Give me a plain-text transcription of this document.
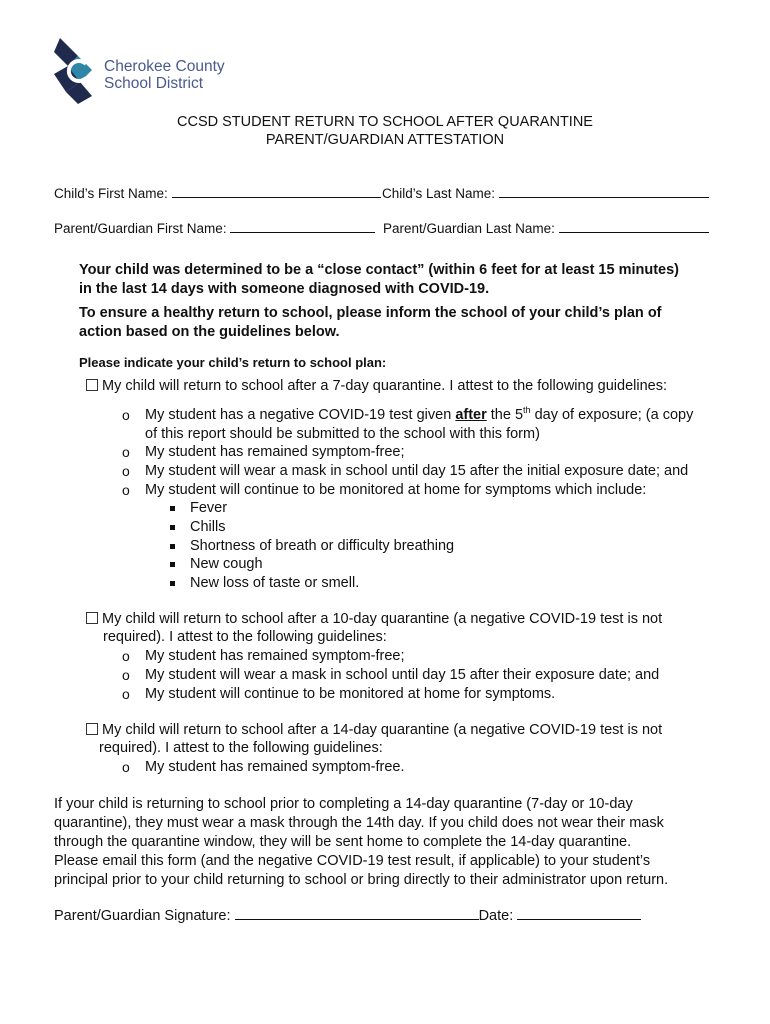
Cherokee County
School District
CCSD STUDENT RETURN TO SCHOOL AFTER QUARANTINE
PARENT/GUARDIAN ATTESTATION
Child’s First Name:	Child’s Last Name:
Parent/Guardian First Name:	Parent/Guardian Last Name:
Your child was determined to be a “close contact” (within 6 feet for at least 15 minutes)
in the last 14 days with someone diagnosed with COVID-19.
To ensure a healthy return to school, please inform the school of your child’s plan of
action based on the guidelines below.
Please indicate your child’s return to school plan:
My child will return to school after a 7-day quarantine. I attest to the following guidelines:
o My student has a negative COVID-19 test given after the 5th day of exposure; (a copy
of this report should be submitted to the school with this form)
o My student has remained symptom-free;
o My student will wear a mask in school until day 15 after the initial exposure date; and
o My student will continue to be monitored at home for symptoms which include:
Fever
Chills
Shortness of breath or difficulty breathing
New cough
New loss of taste or smell.
My child will return to school after a 10-day quarantine (a negative COVID-19 test is not
required). I attest to the following guidelines:
o My student has remained symptom-free;
o My student will wear a mask in school until day 15 after their exposure date; and
o My student will continue to be monitored at home for symptoms.
My child will return to school after a 14-day quarantine (a negative COVID-19 test is not
required). I attest to the following guidelines:
o My student has remained symptom-free.
If your child is returning to school prior to completing a 14-day quarantine (7-day or 10-day
quarantine), they must wear a mask through the 14th day. If you child does not wear their mask
through the quarantine window, they will be sent home to complete the 14-day quarantine.
Please email this form (and the negative COVID-19 test result, if applicable) to your student’s
principal prior to your child returning to school or bring directly to their administrator upon return.
Parent/Guardian Signature:	Date:
